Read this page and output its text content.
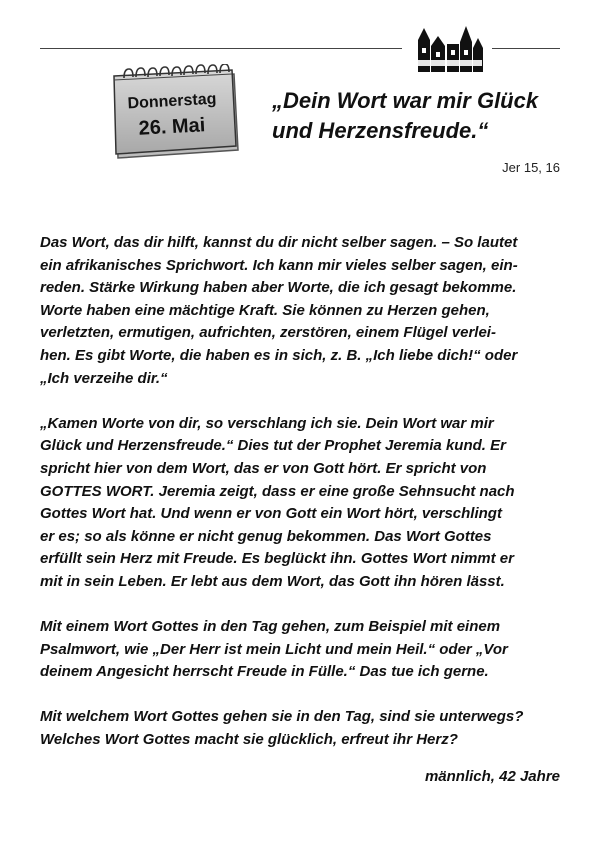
Donnerstag
26. Mai
„Dein Wort war mir Glück
und Herzensfreude.“
Jer 15, 16

Das Wort, das dir hilft, kannst du dir nicht selber sagen. – So lautet
ein afrikanisches Sprichwort. Ich kann mir vieles selber sagen, ein-
reden. Stärke Wirkung haben aber Worte, die ich gesagt bekomme.
Worte haben eine mächtige Kraft. Sie können zu Herzen gehen,
verletzten, ermutigen, aufrichten, zerstören, einem Flügel verlei-
hen. Es gibt Worte, die haben es in sich, z. B. „Ich liebe dich!“ oder
„Ich verzeihe dir.“

„Kamen Worte von dir, so verschlang ich sie. Dein Wort war mir
Glück und Herzensfreude.“ Dies tut der Prophet Jeremia kund. Er
spricht hier von dem Wort, das er von Gott hört. Er spricht von
GOTTES WORT. Jeremia zeigt, dass er eine große Sehnsucht nach
Gottes Wort hat. Und wenn er von Gott ein Wort hört, verschlingt
er es; so als könne er nicht genug bekommen. Das Wort Gottes
erfüllt sein Herz mit Freude. Es beglückt ihn. Gottes Wort nimmt er
mit in sein Leben. Er lebt aus dem Wort, das Gott ihn hören lässt.

Mit einem Wort Gottes in den Tag gehen, zum Beispiel mit einem
Psalmwort, wie „Der Herr ist mein Licht und mein Heil.“ oder „Vor
deinem Angesicht herrscht Freude in Fülle.“ Das tue ich gerne.

Mit welchem Wort Gottes gehen sie in den Tag, sind sie unterwegs?
Welches Wort Gottes macht sie glücklich, erfreut ihr Herz?

männlich, 42 Jahre
